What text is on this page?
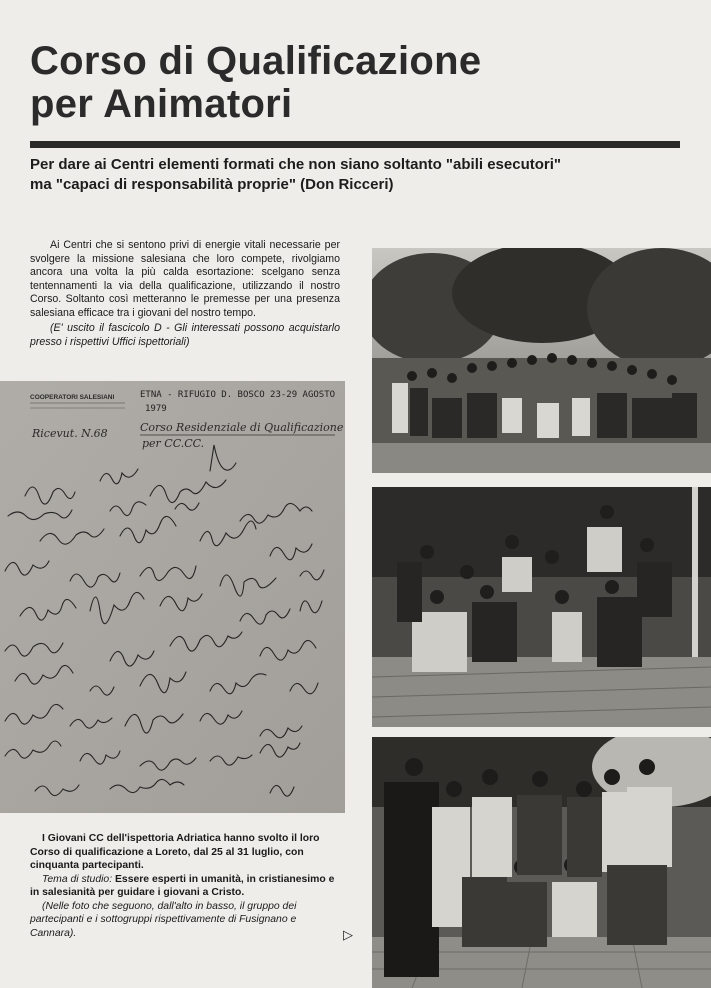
Corso di Qualificazione
per Animatori

Per dare ai Centri elementi formati che non siano soltanto "abili esecutori"
ma "capaci di responsabilità proprie" (Don Ricceri)

Ai Centri che si sentono privi di energie vitali necessarie per svolgere la missione salesiana che loro compete, rivolgiamo ancora una volta la più calda esortazione: scelgano senza tentennamenti la via della qualificazione, utilizzando il nostro Corso. Soltanto così metteranno le premesse per una presenza salesiana efficace tra i giovani del nostro tempo.
(E' uscito il fascicolo D - Gli interessati possono acquistarlo presso i rispettivi Uffici ispettoriali)

COOPERATORI SALESIANI
Ricevut. N.68
ETNA - RIFUGIO D. BOSCO 23-29 AGOSTO
1979
Corso Residenziale di Qualificazione
per CC.CC.

I Giovani CC dell'ispettoria Adriatica hanno svolto il loro Corso di qualificazione a Loreto, dal 25 al 31 luglio, con cinquanta partecipanti.
Tema di studio: Essere esperti in umanità, in cristianesimo e in salesianità per guidare i giovani a Cristo.
(Nelle foto che seguono, dall'alto in basso, il gruppo dei partecipanti e i sottogruppi rispettivamente di Fusignano e Cannara).	▷
